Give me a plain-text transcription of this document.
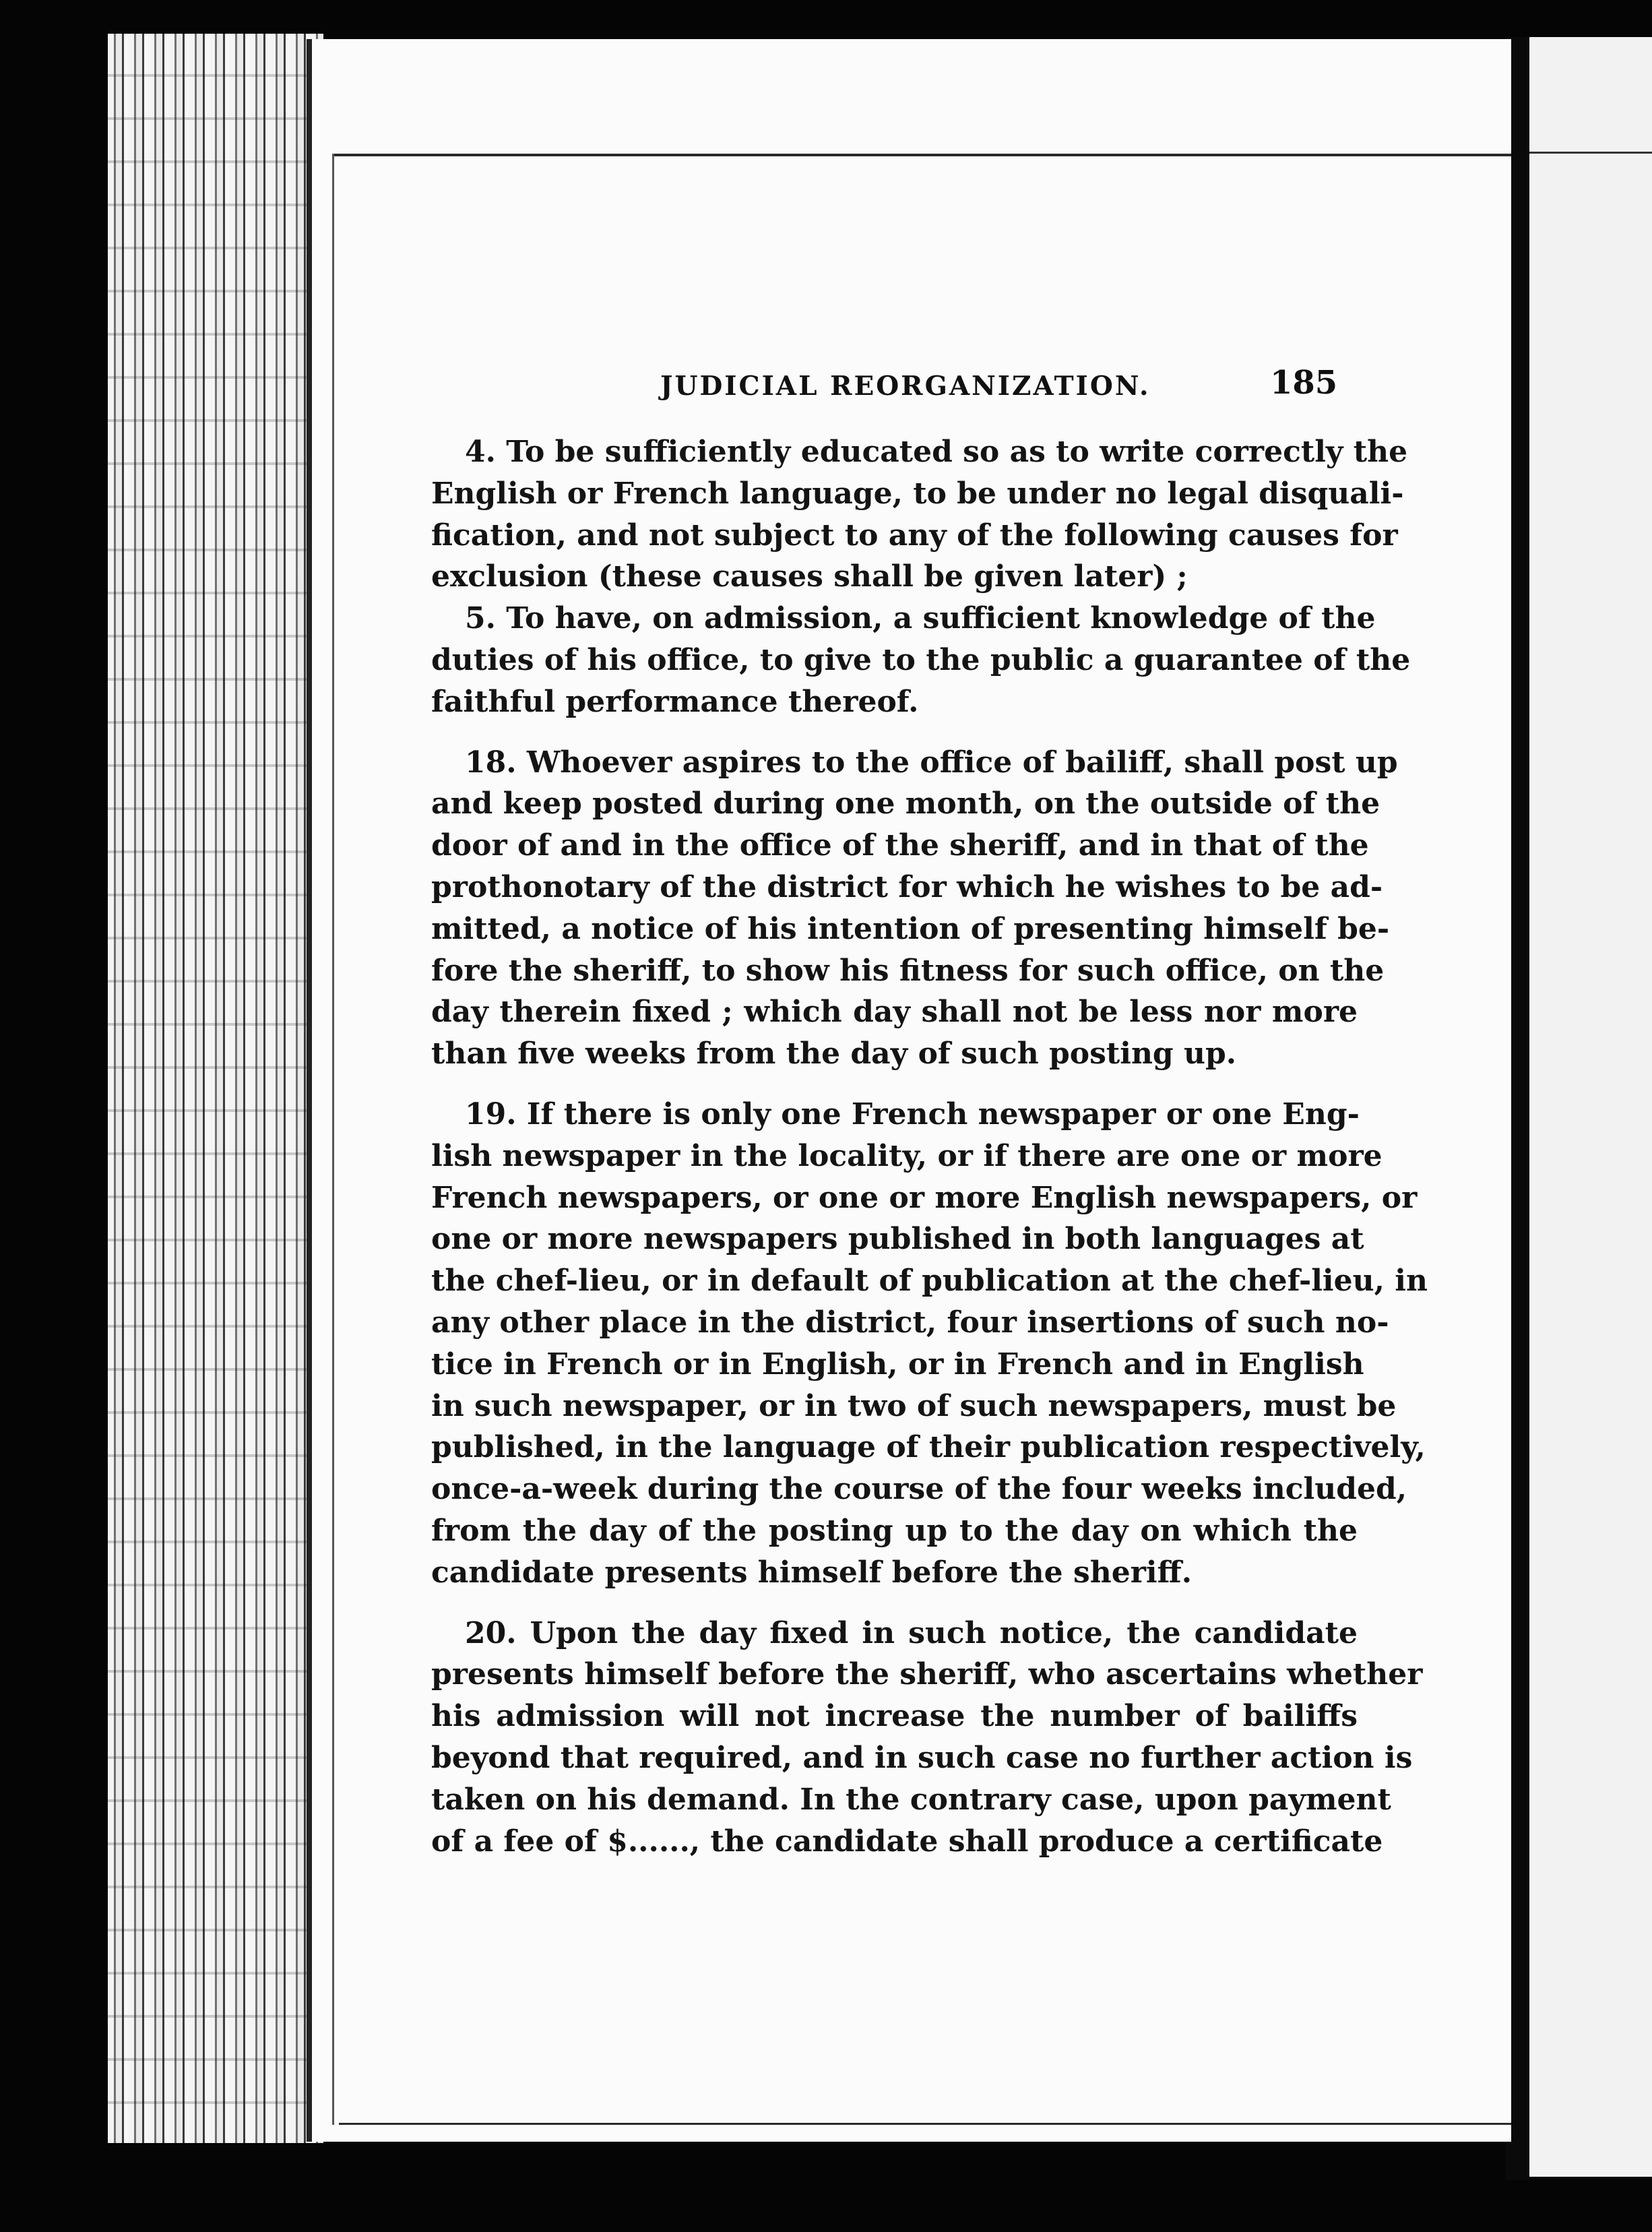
JUDICIAL REORGANIZATION.	185
4. To be sufficiently educated so as to write correctly the
English or French language, to be under no legal disquali-
fication, and not subject to any of the following causes for
exclusion (these causes shall be given later) ;
5. To have, on admission, a sufficient knowledge of the
duties of his office, to give to the public a guarantee of the
faithful performance thereof.
18. Whoever aspires to the office of bailiff, shall post up
and keep posted during one month, on the outside of the
door of and in the office of the sheriff, and in that of the
prothonotary of the district for which he wishes to be ad-
mitted, a notice of his intention of presenting himself be-
fore the sheriff, to show his fitness for such office, on the
day therein fixed ; which day shall not be less nor more
than five weeks from the day of such posting up.
19. If there is only one French newspaper or one Eng-
lish newspaper in the locality, or if there are one or more
French newspapers, or one or more English newspapers, or
one or more newspapers published in both languages at
the chef-lieu, or in default of publication at the chef-lieu, in
any other place in the district, four insertions of such no-
tice in French or in English, or in French and in English
in such newspaper, or in two of such newspapers, must be
published, in the language of their publication respectively,
once-a-week during the course of the four weeks included,
from the day of the posting up to the day on which the
candidate presents himself before the sheriff.
20. Upon the day fixed in such notice, the candidate
presents himself before the sheriff, who ascertains whether
his admission will not increase the number of bailiffs
beyond that required, and in such case no further action is
taken on his demand. In the contrary case, upon payment
of a fee of $......, the candidate shall produce a certificate
